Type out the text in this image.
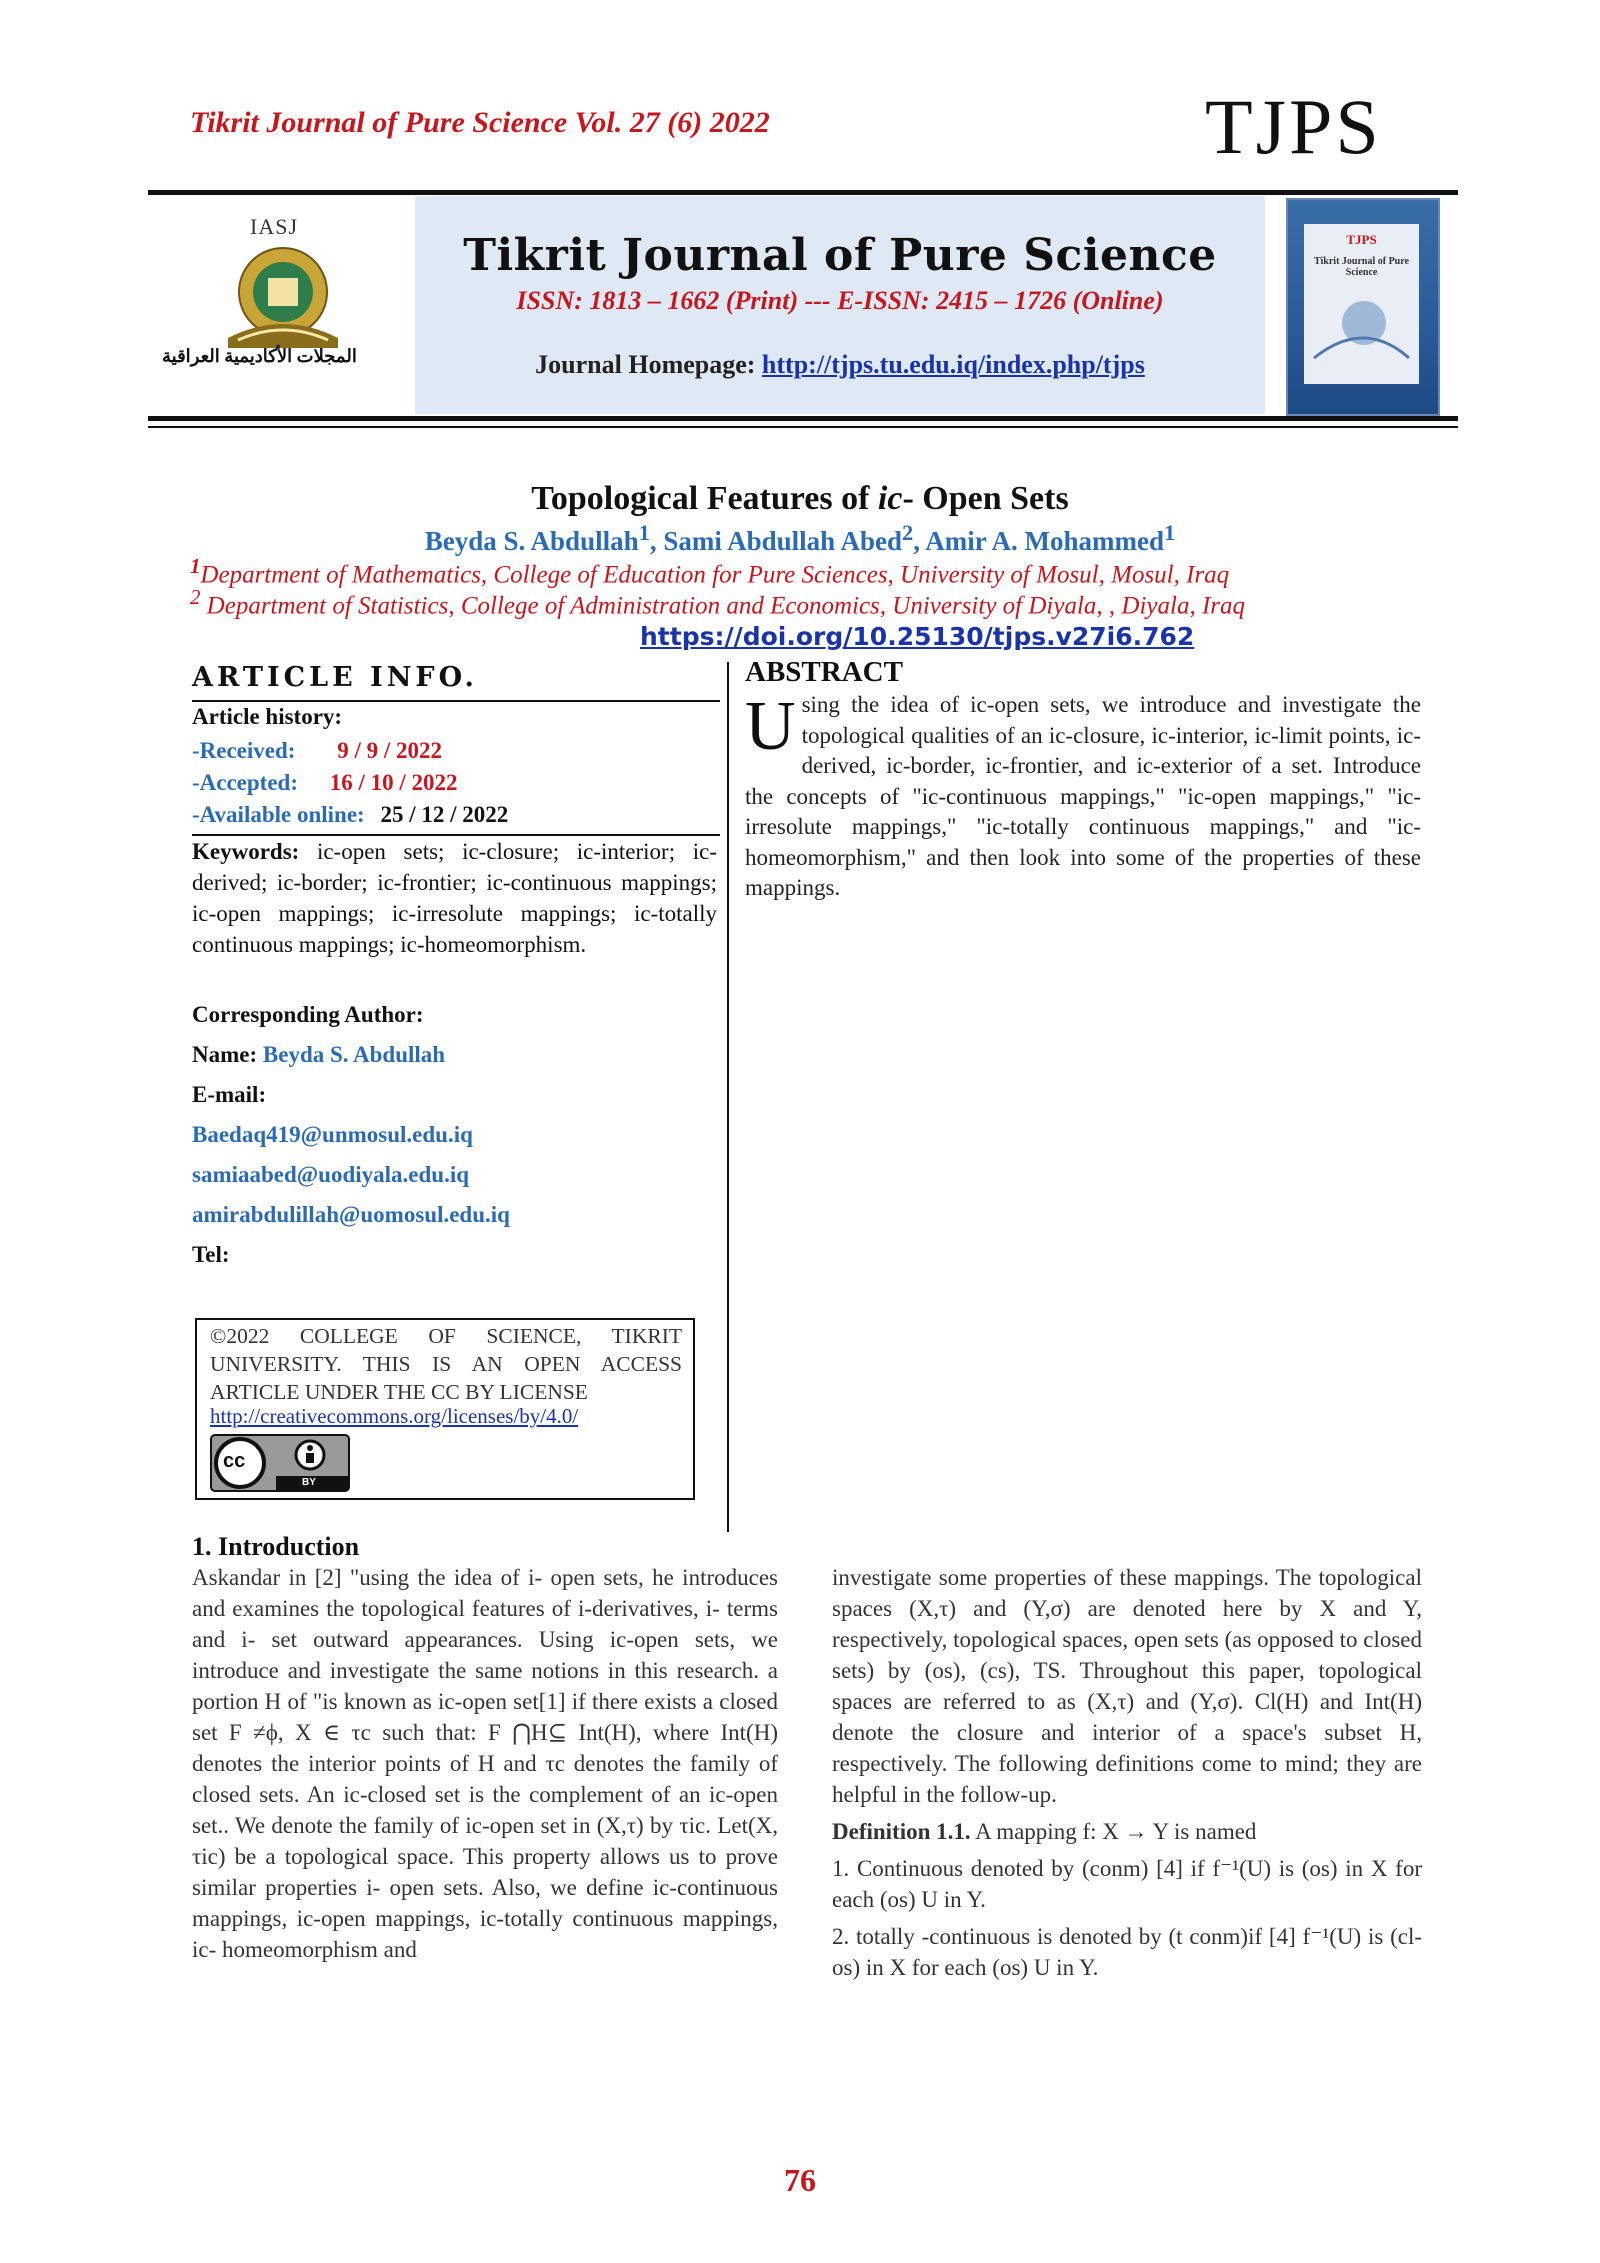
Tikrit Journal of Pure Science Vol. 27 (6) 2022	TJPS
IASJ
المجلات الأكاديمية العراقية
Tikrit Journal of Pure Science
ISSN: 1813 – 1662 (Print) --- E-ISSN: 2415 – 1726 (Online)
Journal Homepage: http://tjps.tu.edu.iq/index.php/tjps
TJPS
Tikrit Journal of Pure Science
Topological Features of ic- Open Sets
Beyda S. Abdullah$^1$, Sami Abdullah Abed$^2$, Amir A. Mohammed$^1$
$^1$Department of Mathematics, College of Education for Pure Sciences, University of Mosul, Mosul, Iraq
$^2$ Department of Statistics, College of Administration and Economics, University of Diyala, , Diyala, Iraq
https://doi.org/10.25130/tjps.v27i6.762
ARTICLE INFO.
Article history:
-Received: 9 / 9 / 2022
-Accepted: 16 / 10 / 2022
-Available online: 25 / 12 / 2022
Keywords: ic-open sets; ic-closure; ic-interior; ic-derived; ic-border; ic-frontier; ic-continuous mappings; ic-open mappings; ic-irresolute mappings; ic-totally continuous mappings; ic-homeomorphism.
Corresponding Author:
Name: Beyda S. Abdullah
E-mail:
Baedaq419@unmosul.edu.iq
samiaabed@uodiyala.edu.iq
amirabdulillah@uomosul.edu.iq
Tel:
©2022 COLLEGE OF SCIENCE, TIKRIT UNIVERSITY. THIS IS AN OPEN ACCESS ARTICLE UNDER THE CC BY LICENSE
http://creativecommons.org/licenses/by/4.0/
cc
BY
ABSTRACT
U sing the idea of ic-open sets, we introduce and investigate the topological qualities of an ic-closure, ic-interior, ic-limit points, ic-derived, ic-border, ic-frontier, and ic-exterior of a set. Introduce the concepts of "ic-continuous mappings," "ic-open mappings," "ic-irresolute mappings," "ic-totally continuous mappings," and "ic-homeomorphism," and then look into some of the properties of these mappings.
1. Introduction
Askandar in [2] "using the idea of i- open sets, he introduces and examines the topological features of i-derivatives, i- terms and i- set outward appearances. Using ic-open sets, we introduce and investigate the same notions in this research. a portion H of "is known as ic-open set[1] if there exists a closed set F ≠ϕ, X ∈ τc such that: F ⋂H⊆ Int(H), where Int(H) denotes the interior points of H and τc denotes the family of closed sets. An ic-closed set is the complement of an ic-open set.. We denote the family of ic-open set in (X,τ) by τic. Let(X, τic) be a topological space. This property allows us to prove similar properties i- open sets. Also, we define ic-continuous mappings, ic-open mappings, ic-totally continuous mappings, ic- homeomorphism and
investigate some properties of these mappings. The topological spaces (X,τ) and (Y,σ) are denoted here by X and Y, respectively, topological spaces, open sets (as opposed to closed sets) by (os), (cs), TS. Throughout this paper, topological spaces are referred to as (X,τ) and (Y,σ). Cl(H) and Int(H) denote the closure and interior of a space's subset H, respectively. The following definitions come to mind; they are helpful in the follow-up.
Definition 1.1. A mapping f: X → Y is named
1. Continuous denoted by (conm) [4] if f⁻¹(U) is (os) in X for each (os) U in Y.
2. totally -continuous is denoted by (t conm)if [4] f⁻¹(U) is (cl-os) in X for each (os) U in Y.
76
